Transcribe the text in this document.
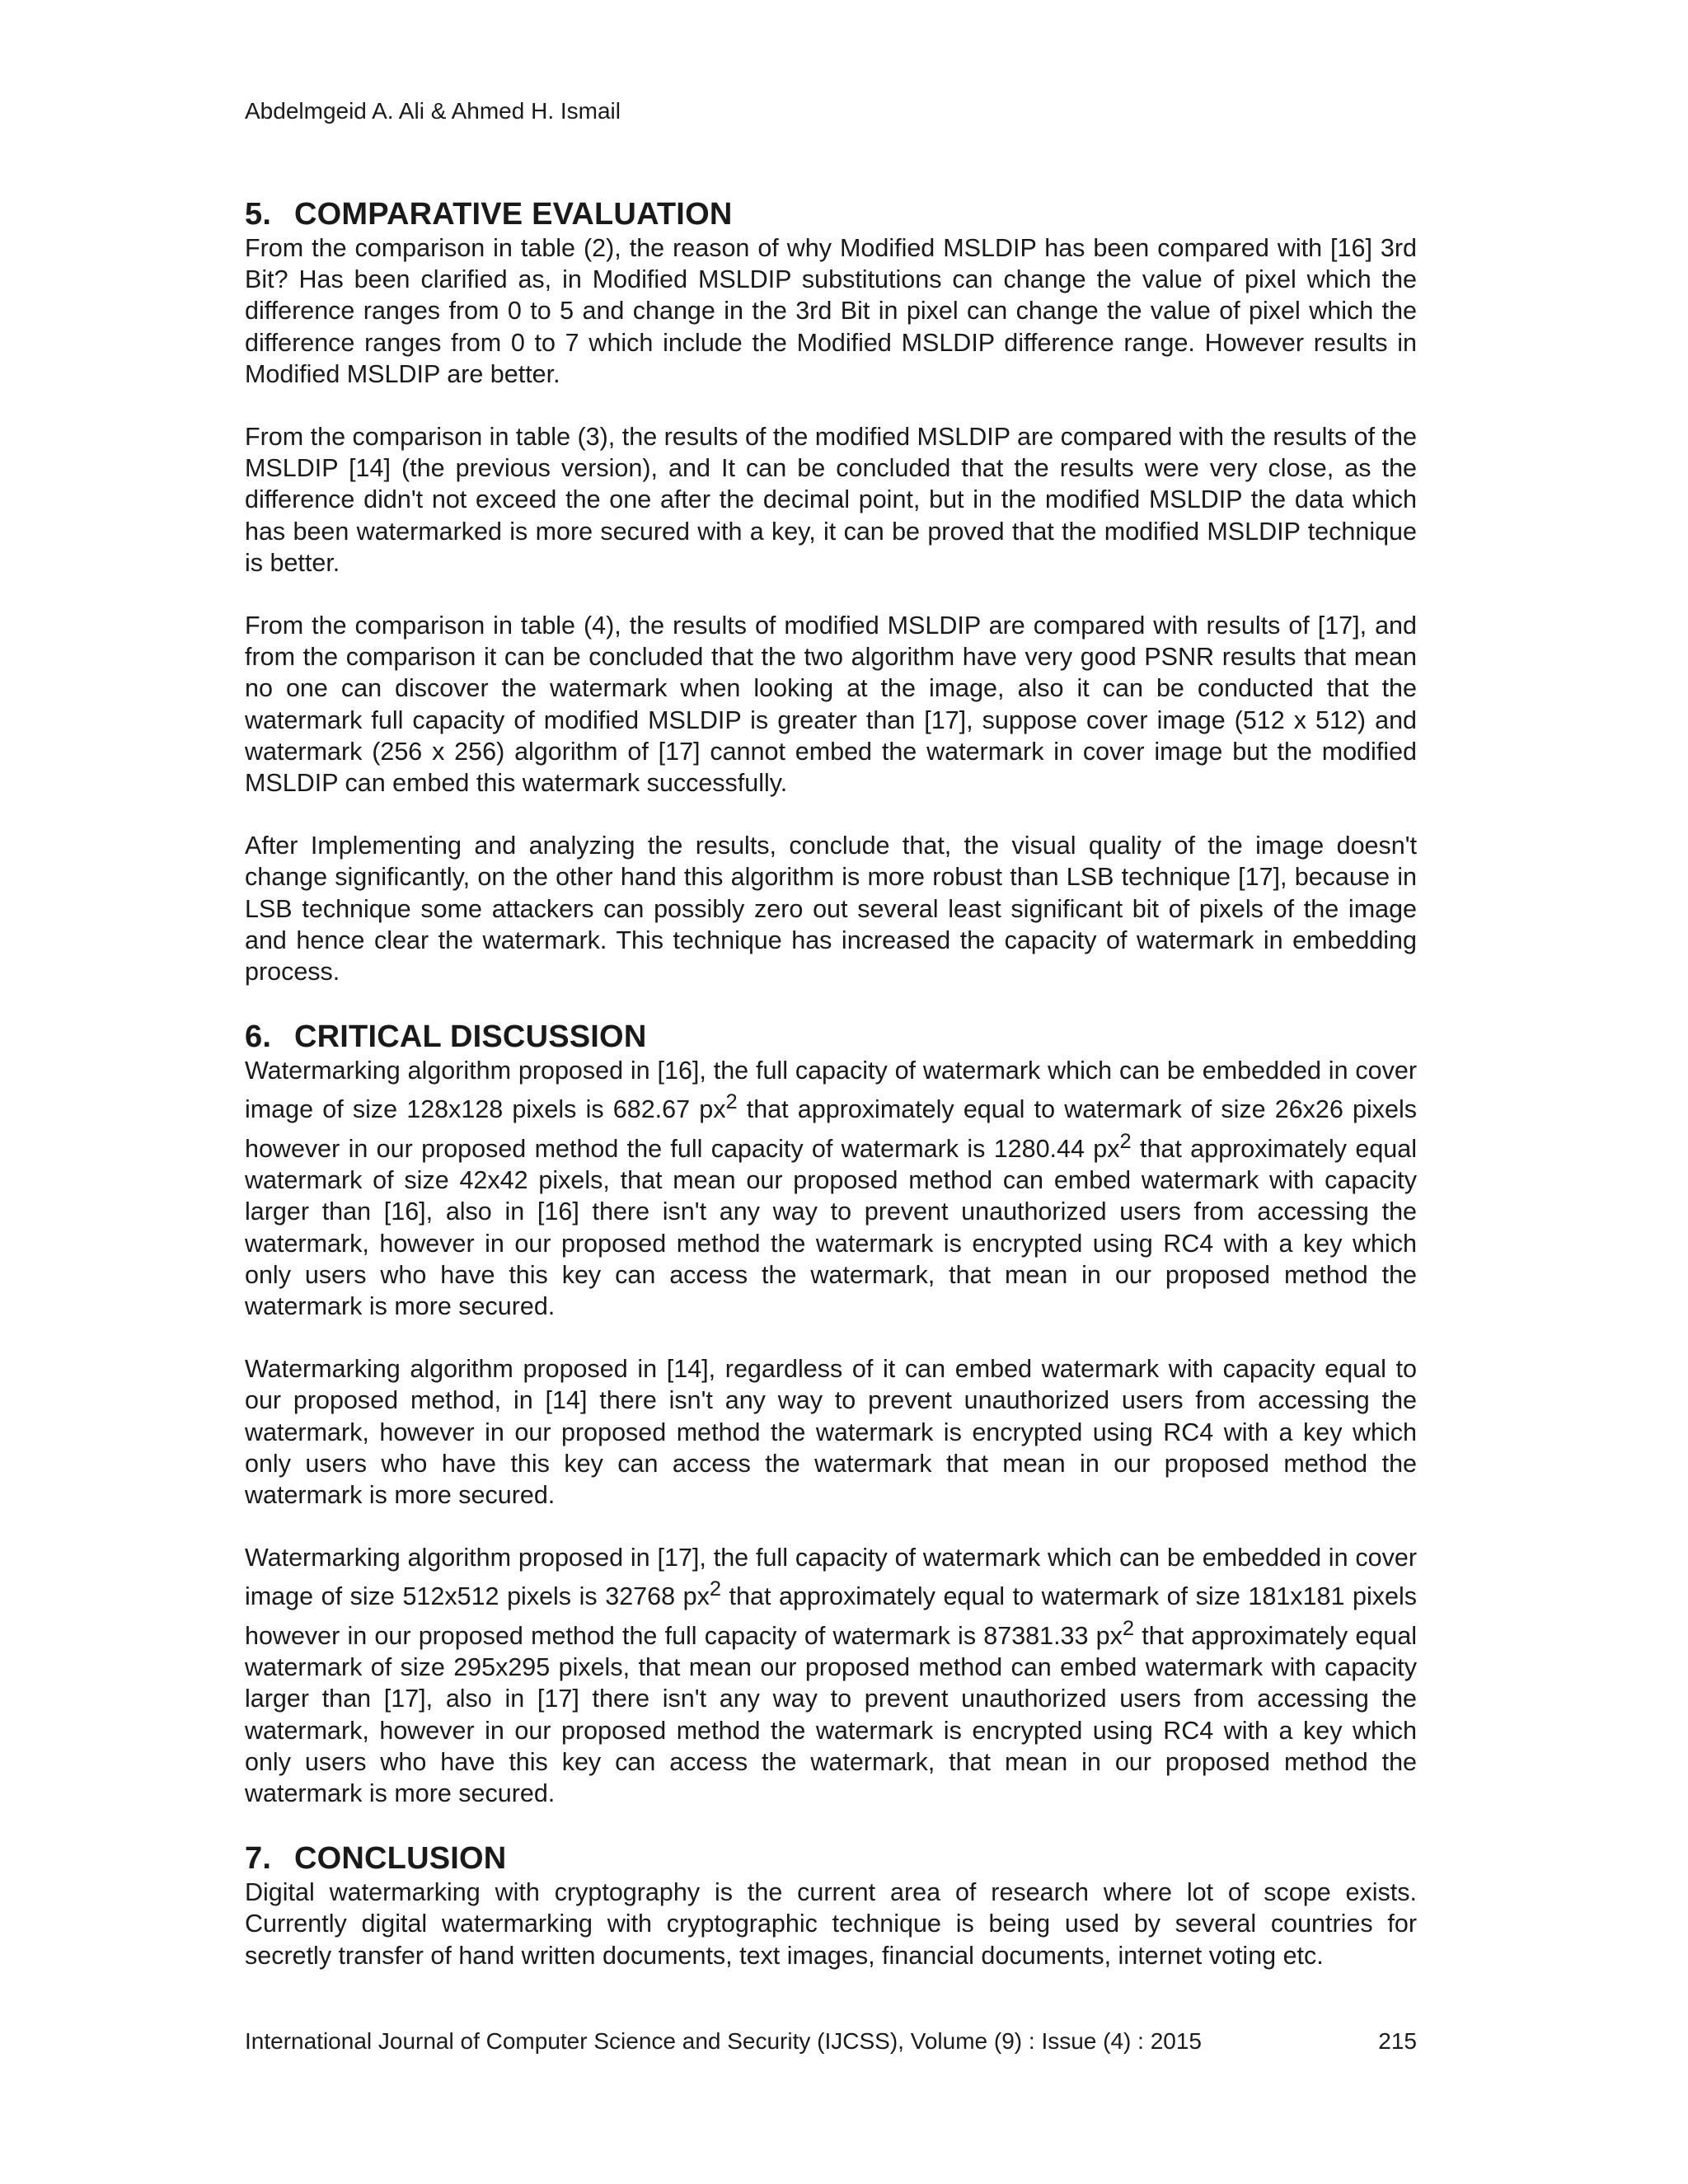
Abdelmgeid A. Ali & Ahmed H. Ismail
5. COMPARATIVE EVALUATION

From the comparison in table (2), the reason of why Modified MSLDIP has been compared with [16] 3rd Bit? Has been clarified as, in Modified MSLDIP substitutions can change the value of pixel which the difference ranges from 0 to 5 and change in the 3rd Bit in pixel can change the value of pixel which the difference ranges from 0 to 7 which include the Modified MSLDIP difference range. However results in Modified MSLDIP are better.

From the comparison in table (3), the results of the modified MSLDIP are compared with the results of the MSLDIP [14] (the previous version), and It can be concluded that the results were very close, as the difference didn't not exceed the one after the decimal point, but in the modified MSLDIP the data which has been watermarked is more secured with a key, it can be proved that the modified MSLDIP technique is better.

From the comparison in table (4), the results of modified MSLDIP are compared with results of [17], and from the comparison it can be concluded that the two algorithm have very good PSNR results that mean no one can discover the watermark when looking at the image, also it can be conducted that the watermark full capacity of modified MSLDIP is greater than [17], suppose cover image (512 x 512) and watermark (256 x 256) algorithm of [17] cannot embed the watermark in cover image but the modified MSLDIP can embed this watermark successfully.

After Implementing and analyzing the results, conclude that, the visual quality of the image doesn't change significantly, on the other hand this algorithm is more robust than LSB technique [17], because in LSB technique some attackers can possibly zero out several least significant bit of pixels of the image and hence clear the watermark. This technique has increased the capacity of watermark in embedding process.

6. CRITICAL DISCUSSION

Watermarking algorithm proposed in [16], the full capacity of watermark which can be embedded in cover image of size 128x128 pixels is 682.67 $px^2$ that approximately equal to watermark of size 26x26 pixels however in our proposed method the full capacity of watermark is 1280.44 $px^2$ that approximately equal watermark of size 42x42 pixels, that mean our proposed method can embed watermark with capacity larger than [16], also in [16] there isn't any way to prevent unauthorized users from accessing the watermark, however in our proposed method the watermark is encrypted using RC4 with a key which only users who have this key can access the watermark, that mean in our proposed method the watermark is more secured.

Watermarking algorithm proposed in [14], regardless of it can embed watermark with capacity equal to our proposed method, in [14] there isn't any way to prevent unauthorized users from accessing the watermark, however in our proposed method the watermark is encrypted using RC4 with a key which only users who have this key can access the watermark that mean in our proposed method the watermark is more secured.

Watermarking algorithm proposed in [17], the full capacity of watermark which can be embedded in cover image of size 512x512 pixels is 32768 $px^2$ that approximately equal to watermark of size 181x181 pixels however in our proposed method the full capacity of watermark is 87381.33 $px^2$ that approximately equal watermark of size 295x295 pixels, that mean our proposed method can embed watermark with capacity larger than [17], also in [17] there isn't any way to prevent unauthorized users from accessing the watermark, however in our proposed method the watermark is encrypted using RC4 with a key which only users who have this key can access the watermark, that mean in our proposed method the watermark is more secured.

7. CONCLUSION

Digital watermarking with cryptography is the current area of research where lot of scope exists. Currently digital watermarking with cryptographic technique is being used by several countries for secretly transfer of hand written documents, text images, financial documents, internet voting etc.

International Journal of Computer Science and Security (IJCSS), Volume (9) : Issue (4) : 2015	215
